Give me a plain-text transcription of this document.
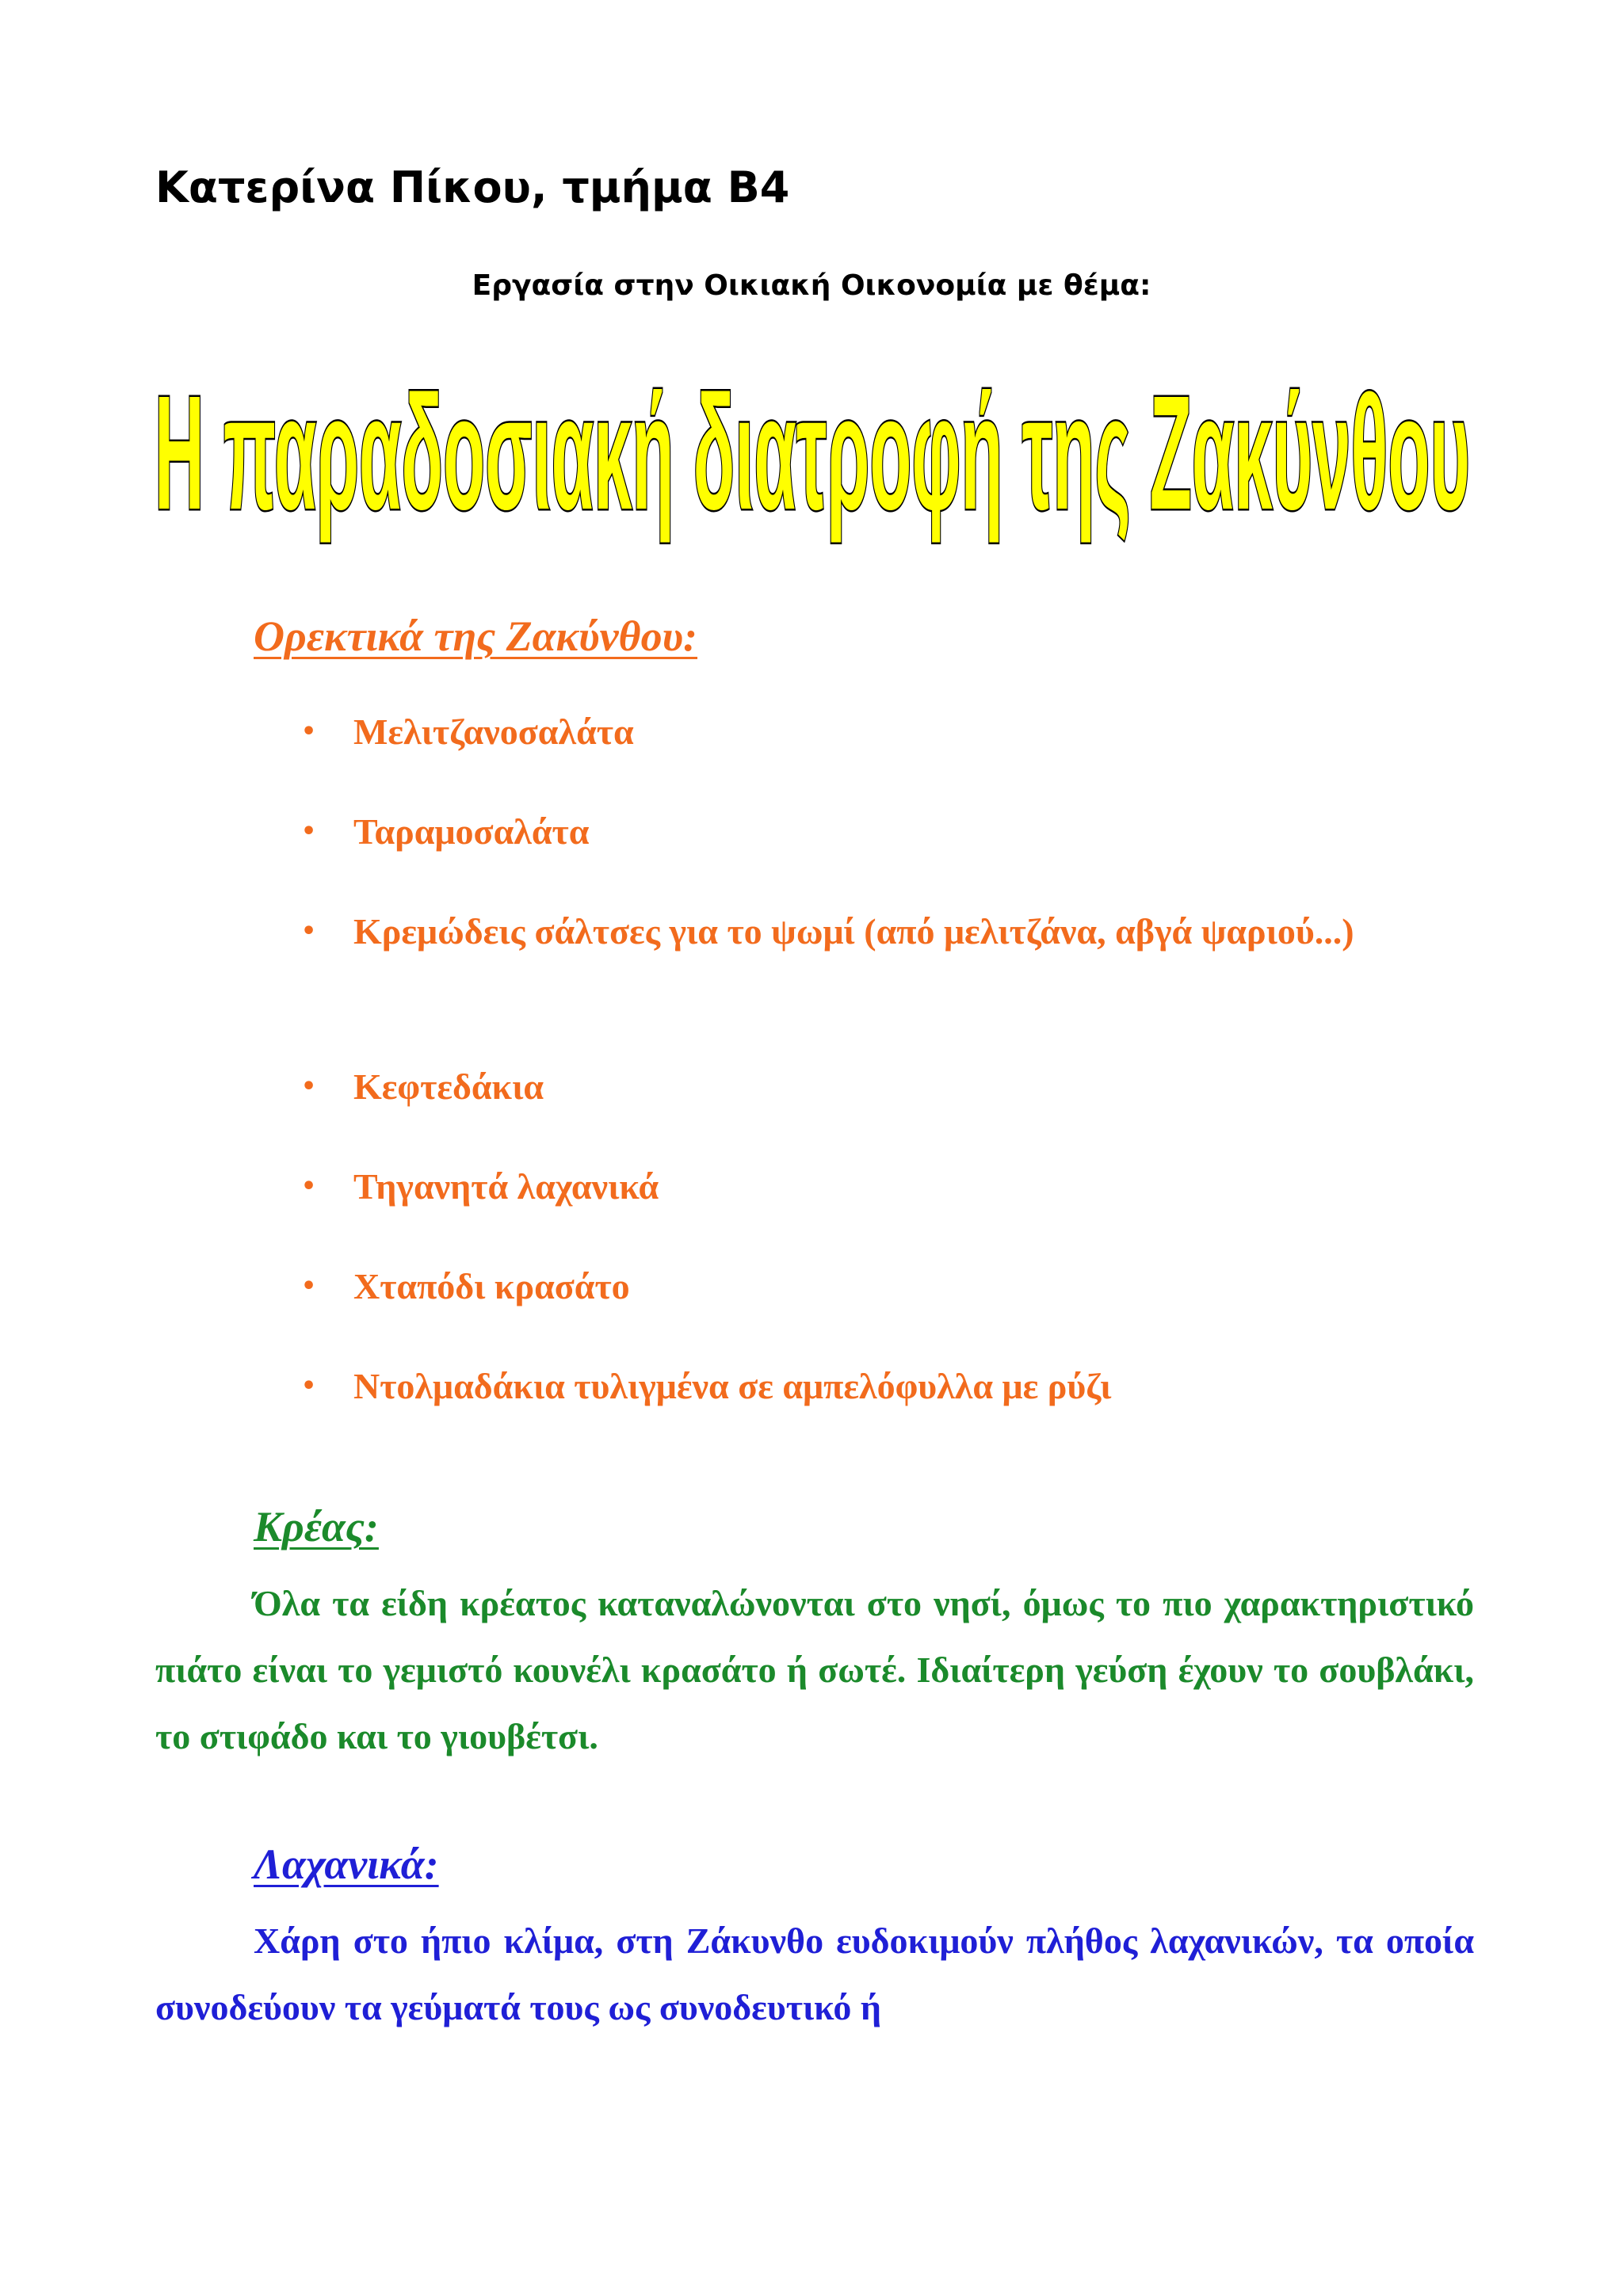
Κατερίνα Πίκου, τμήμα Β4
Εργασία στην Οικιακή Οικονομία με θέμα:
Η παραδοσιακή διατροφή της Ζακύνθου
Ορεκτικά της Ζακύνθου:
• Μελιτζανοσαλάτα
• Ταραμοσαλάτα
• Κρεμώδεις σάλτσες για το ψωμί (από μελιτζάνα, αβγά ψαριού...)
• Κεφτεδάκια
• Τηγανητά λαχανικά
• Χταπόδι κρασάτο
• Ντολμαδάκια τυλιγμένα σε αμπελόφυλλα με ρύζι
Κρέας:
Όλα τα είδη κρέατος καταναλώνονται στο νησί, όμως το πιο χαρακτηριστικό πιάτο είναι το γεμιστό κουνέλι κρασάτο ή σωτέ. Ιδιαίτερη γεύση έχουν το σουβλάκι, το στιφάδο και το γιουβέτσι.
Λαχανικά:
Χάρη στο ήπιο κλίμα, στη Ζάκυνθο ευδοκιμούν πλήθος λαχανικών, τα οποία συνοδεύουν τα γεύματά τους ως συνοδευτικό ή
